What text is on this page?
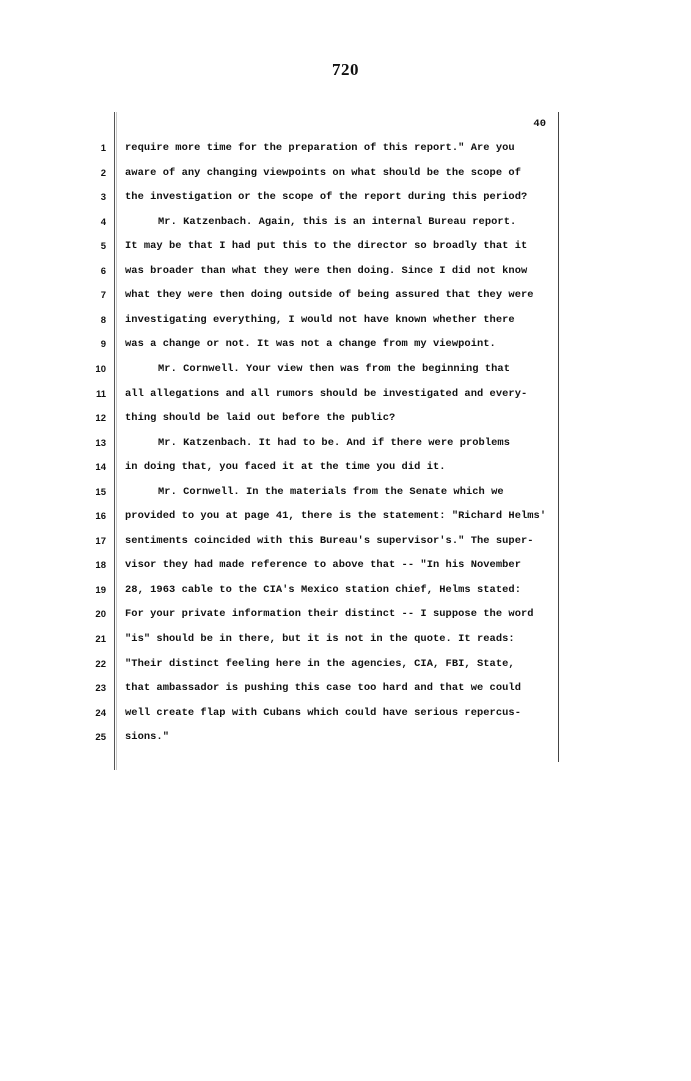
720
40
1 require more time for the preparation of this report." Are you
2 aware of any changing viewpoints on what should be the scope of
3 the investigation or the scope of the report during this period?
4	Mr. Katzenbach. Again, this is an internal Bureau report.
5 It may be that I had put this to the director so broadly that it
6 was broader than what they were then doing. Since I did not know
7 what they were then doing outside of being assured that they were
8 investigating everything, I would not have known whether there
9 was a change or not. It was not a change from my viewpoint.
10	Mr. Cornwell. Your view then was from the beginning that
11 all allegations and all rumors should be investigated and every-
12 thing should be laid out before the public?
13	Mr. Katzenbach. It had to be. And if there were problems
14 in doing that, you faced it at the time you did it.
15	Mr. Cornwell. In the materials from the Senate which we
16 provided to you at page 41, there is the statement: "Richard Helms'
17 sentiments coincided with this Bureau's supervisor's." The super-
18 visor they had made reference to above that -- "In his November
19 28, 1963 cable to the CIA's Mexico station chief, Helms stated:
20 For your private information their distinct -- I suppose the word
21 "is" should be in there, but it is not in the quote. It reads:
22 "Their distinct feeling here in the agencies, CIA, FBI, State,
23 that ambassador is pushing this case too hard and that we could
24 well create flap with Cubans which could have serious repercus-
25 sions."
